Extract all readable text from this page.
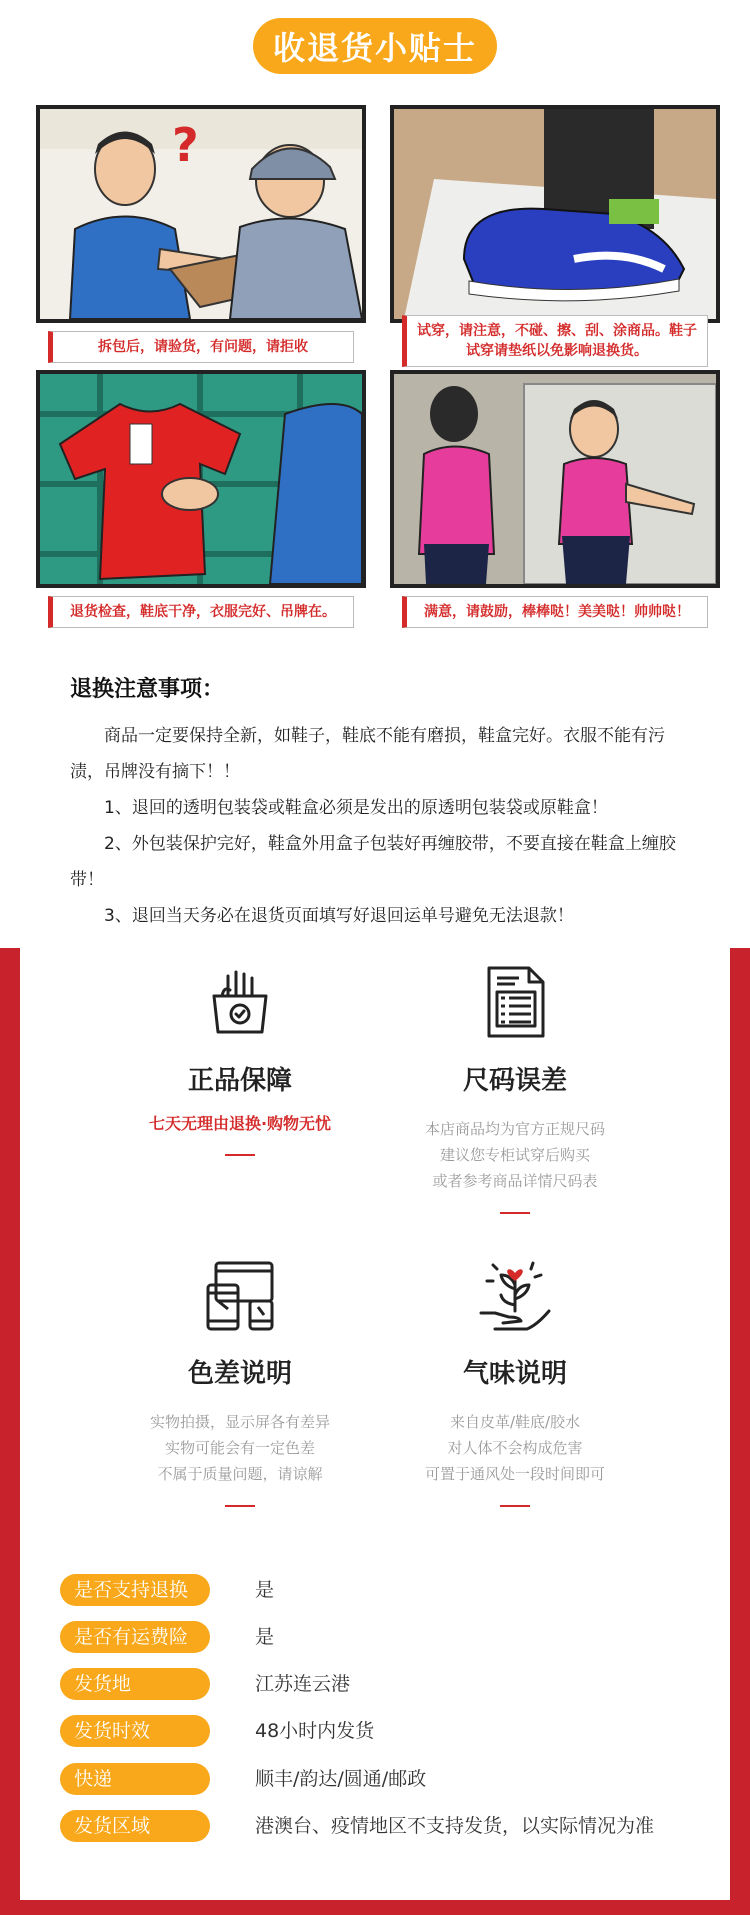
收退货小贴士
?
拆包后，请验货，有问题，请拒收
试穿，请注意，不碰、擦、刮、涂商品。鞋子试穿请垫纸以免影响退换货。
退货检查，鞋底干净，衣服完好、吊牌在。	满意，请鼓励，棒棒哒！美美哒！帅帅哒！
退换注意事项：

商品一定要保持全新，如鞋子，鞋底不能有磨损，鞋盒完好。衣服不能有污渍，吊牌没有摘下！！

1、退回的透明包装袋或鞋盒必须是发出的原透明包装袋或原鞋盒！

2、外包装保护完好，鞋盒外用盒子包装好再缠胶带，不要直接在鞋盒上缠胶带！

3、退回当天务必在退货页面填写好退回运单号避免无法退款！

正品保障
七天无理由退换·购物无忧
尺码误差
本店商品均为官方正规尺码
建议您专柜试穿后购买
或者参考商品详情尺码表
色差说明
实物拍摄，显示屏各有差异
实物可能会有一定色差
不属于质量问题，请谅解
气味说明
来自皮革/鞋底/胶水
对人体不会构成危害
可置于通风处一段时间即可
是否支持退换	是
是否有运费险	是
发货地	江苏连云港
发货时效	48小时内发货
快递	顺丰/韵达/圆通/邮政
发货区域	港澳台、疫情地区不支持发货，以实际情况为准
